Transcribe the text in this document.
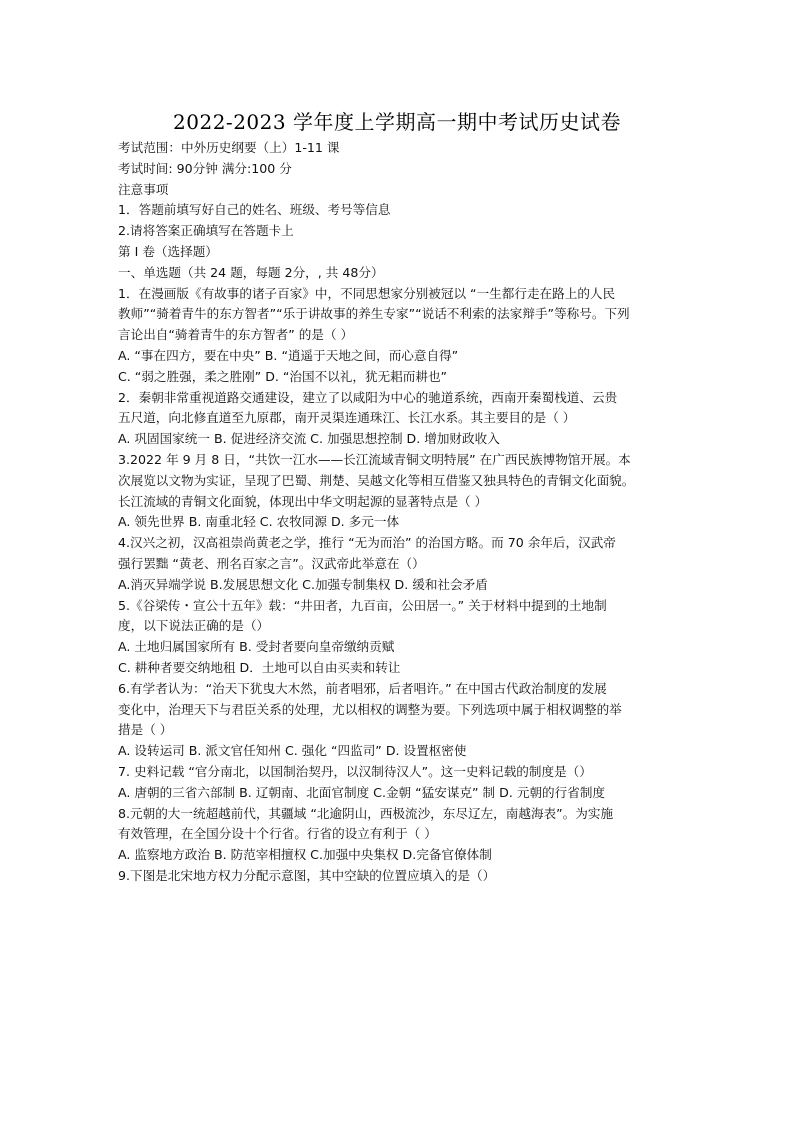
2022-2023 学年度上学期高一期中考试历史试卷
考试范围：中外历史纲要（上）1-11 课
考试时间: 90分钟 满分:100 分
注意事项
1．答题前填写好自己的姓名、班级、考号等信息
2.请将答案正确填写在答题卡上
第 I 卷（选择题）
一、单选题（共 24 题，每题 2分，, 共 48分）
1．在漫画版《有故事的诸子百家》中，不同思想家分别被冠以 “一生都行走在路上的人民
教师”“骑着青牛的东方智者”“乐于讲故事的养生专家”“说话不利索的法家辩手”等称号。下列
言论出自“骑着青牛的东方智者” 的是（ ）
A. “事在四方，要在中央” B. “逍遥于天地之间，而心意自得”
C. “弱之胜强，柔之胜刚” D. “治国不以礼，犹无耜而耕也”
2．秦朝非常重视道路交通建设，建立了以咸阳为中心的驰道系统，西南开秦蜀栈道、云贵
五尺道，向北修直道至九原郡，南开灵渠连通珠江、长江水系。其主要目的是（ ）
A. 巩固国家统一 B. 促进经济交流 C. 加强思想控制 D. 增加财政收入
3.2022 年 9 月 8 日，“共饮一江水——长江流域青铜文明特展” 在广西民族博物馆开展。本
次展览以文物为实证，呈现了巴蜀、荆楚、吴越文化等相互借鉴又独具特色的青铜文化面貌。
长江流域的青铜文化面貌，体现出中华文明起源的显著特点是（ ）
A. 领先世界 B. 南重北轻 C. 农牧同源 D. 多元一体
4.汉兴之初，汉高祖崇尚黄老之学，推行 “无为而治” 的治国方略。而 70 余年后，汉武帝
强行罢黜 “黄老、刑名百家之言”。汉武帝此举意在（）
A.消灭异端学说 B.发展思想文化 C.加强专制集权 D. 缓和社会矛盾
5.《谷梁传・宣公十五年》载：“井田者，九百亩，公田居一。” 关于材料中提到的土地制
度，以下说法正确的是（）
A. 土地归属国家所有 B. 受封者要向皇帝缴纳贡赋
C. 耕种者要交纳地租 D．土地可以自由买卖和转让
6.有学者认为：“治天下犹曳大木然，前者唱邪，后者唱许。” 在中国古代政治制度的发展
变化中，治理天下与君臣关系的处理，尤以相权的调整为要。下列选项中属于相权调整的举
措是（ ）
A. 设转运司 B. 派文官任知州 C. 强化 “四监司” D. 设置枢密使
7. 史料记载 “官分南北，以国制治契丹，以汉制待汉人”。这一史料记载的制度是（）
A. 唐朝的三省六部制 B. 辽朝南、北面官制度 C.金朝 “猛安谋克” 制 D. 元朝的行省制度
8.元朝的大一统超越前代，其疆域 “北逾阴山，西极流沙，东尽辽左，南越海表”。为实施
有效管理，在全国分设十个行省。行省的设立有利于（ ）
A. 监察地方政治 B. 防范宰相擅权 C.加强中央集权 D.完备官僚体制
9.下图是北宋地方权力分配示意图，其中空缺的位置应填入的是（）
